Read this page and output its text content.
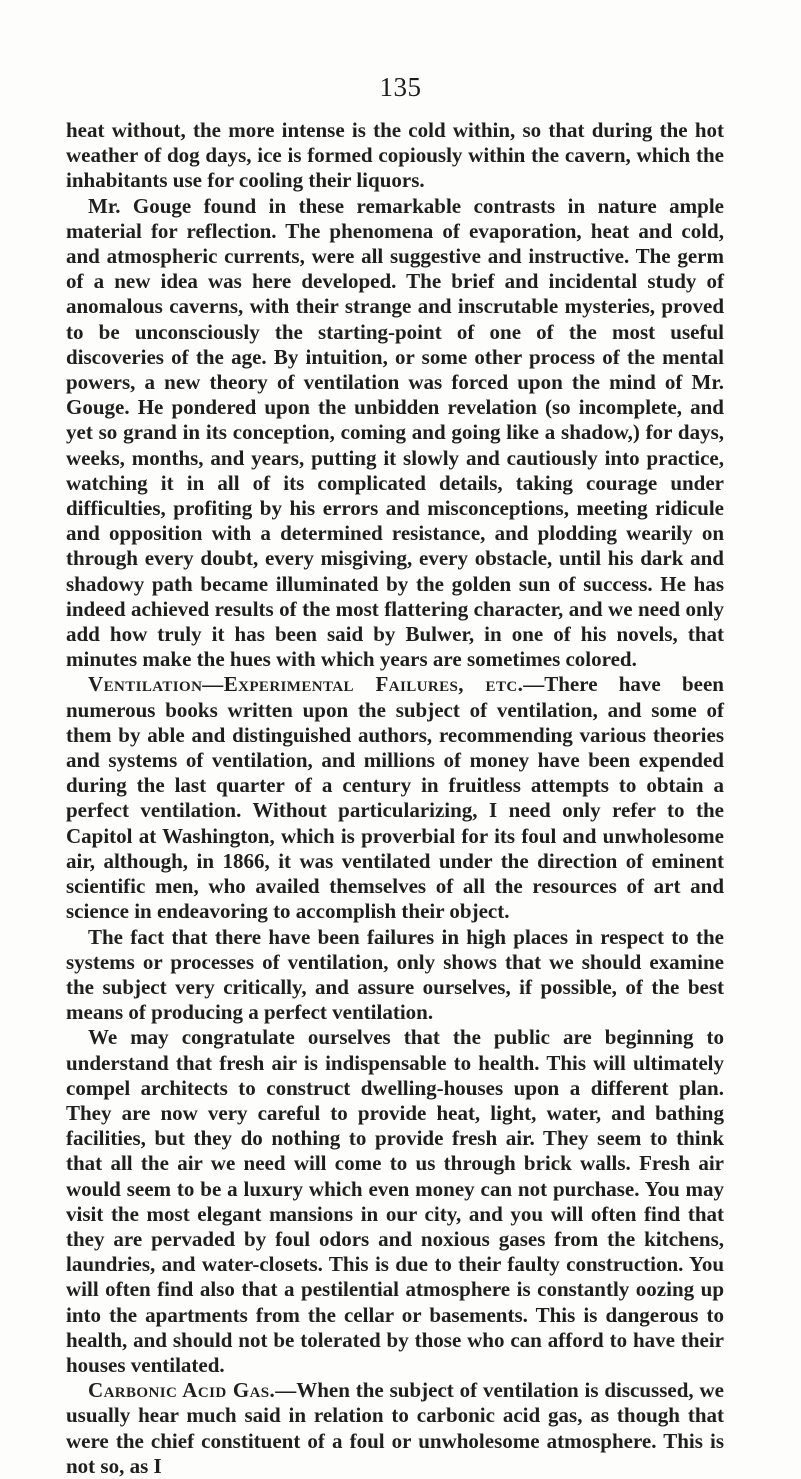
135

heat without, the more intense is the cold within, so that during the hot weather of dog days, ice is formed copiously within the cavern, which the inhabitants use for cooling their liquors.

Mr. Gouge found in these remarkable contrasts in nature ample material for reflection. The phenomena of evaporation, heat and cold, and atmospheric currents, were all suggestive and instructive. The germ of a new idea was here developed. The brief and incidental study of anomalous caverns, with their strange and inscrutable mysteries, proved to be unconsciously the starting-point of one of the most useful discoveries of the age. By intuition, or some other process of the mental powers, a new theory of ventilation was forced upon the mind of Mr. Gouge. He pondered upon the unbidden revelation (so incomplete, and yet so grand in its conception, coming and going like a shadow,) for days, weeks, months, and years, putting it slowly and cautiously into practice, watching it in all of its complicated details, taking courage under difficulties, profiting by his errors and misconceptions, meeting ridicule and opposition with a determined resistance, and plodding wearily on through every doubt, every misgiving, every obstacle, until his dark and shadowy path became illuminated by the golden sun of success. He has indeed achieved results of the most flattering character, and we need only add how truly it has been said by Bulwer, in one of his novels, that minutes make the hues with which years are sometimes colored.

Ventilation—Experimental Failures, etc.—There have been numerous books written upon the subject of ventilation, and some of them by able and distinguished authors, recommending various theories and systems of ventilation, and millions of money have been expended during the last quarter of a century in fruitless attempts to obtain a perfect ventilation. Without particularizing, I need only refer to the Capitol at Washington, which is proverbial for its foul and unwholesome air, although, in 1866, it was ventilated under the direction of eminent scientific men, who availed themselves of all the resources of art and science in endeavoring to accomplish their object.

The fact that there have been failures in high places in respect to the systems or processes of ventilation, only shows that we should examine the subject very critically, and assure ourselves, if possible, of the best means of producing a perfect ventilation.

We may congratulate ourselves that the public are beginning to understand that fresh air is indispensable to health. This will ultimately compel architects to construct dwelling-houses upon a different plan. They are now very careful to provide heat, light, water, and bathing facilities, but they do nothing to provide fresh air. They seem to think that all the air we need will come to us through brick walls. Fresh air would seem to be a luxury which even money can not purchase. You may visit the most elegant mansions in our city, and you will often find that they are pervaded by foul odors and noxious gases from the kitchens, laundries, and water-closets. This is due to their faulty construction. You will often find also that a pestilential atmosphere is constantly oozing up into the apartments from the cellar or basements. This is dangerous to health, and should not be tolerated by those who can afford to have their houses ventilated.

Carbonic Acid Gas.—When the subject of ventilation is discussed, we usually hear much said in relation to carbonic acid gas, as though that were the chief constituent of a foul or unwholesome atmosphere. This is not so, as I
